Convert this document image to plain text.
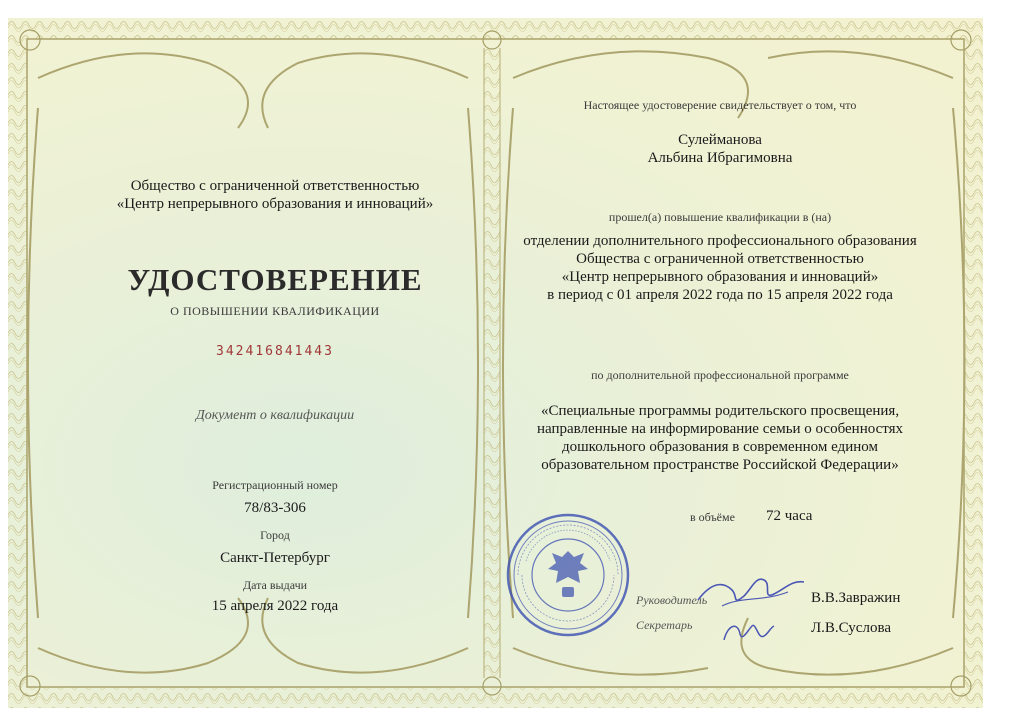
Общество с ограниченной ответственностью
«Центр непрерывного образования и инноваций»
УДОСТОВЕРЕНИЕ
О ПОВЫШЕНИИ КВАЛИФИКАЦИИ
342416841443
Документ о квалификации
Регистрационный номер
78/83-306
Город
Санкт-Петербург
Дата выдачи
15 апреля 2022 года
Настоящее удостоверение свидетельствует о том, что
Сулейманова
Альбина Ибрагимовна
прошел(а) повышение квалификации в (на)
отделении дополнительного профессионального образования
Общества с ограниченной ответственностью
«Центр непрерывного образования и инноваций»
в период с 01 апреля 2022 года по 15 апреля 2022 года
по дополнительной профессиональной программе
«Специальные программы родительского просвещения,
направленные на информирование семьи о особенностях
дошкольного образования в современном едином
образовательном пространстве Российской Федерации»
в объёме 72 часа
Руководитель	В.В.Завражин
Секретарь	Л.В.Суслова
